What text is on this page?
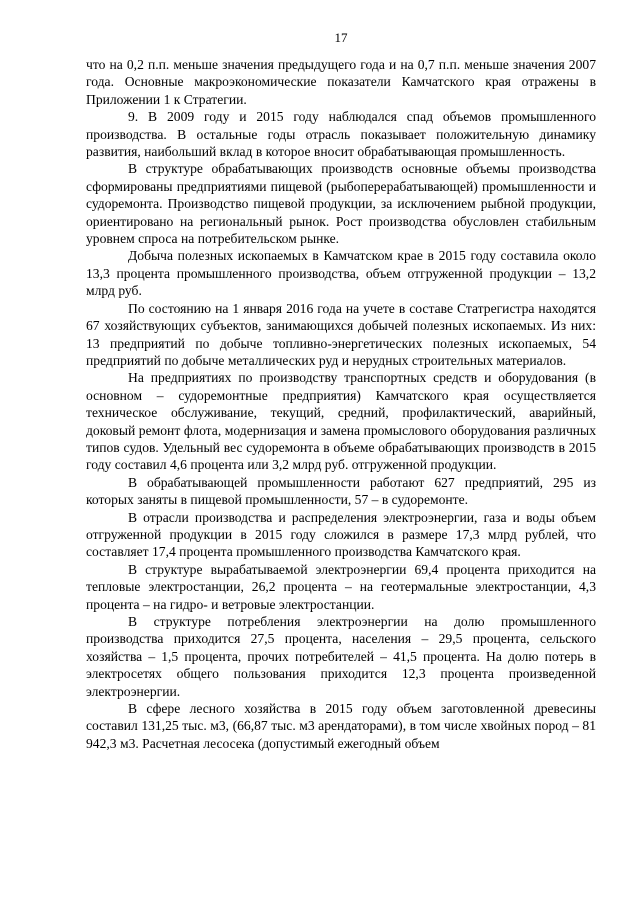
17

что на 0,2 п.п. меньше значения предыдущего года и на 0,7 п.п. меньше значения 2007 года. Основные макроэкономические показатели Камчатского края отражены в Приложении 1 к Стратегии.

9. В 2009 году и 2015 году наблюдался спад объемов промышленного производства. В остальные годы отрасль показывает положительную динамику развития, наибольший вклад в которое вносит обрабатывающая промышленность.

В структуре обрабатывающих производств основные объемы производства сформированы предприятиями пищевой (рыбоперерабатывающей) промышленности и судоремонта. Производство пищевой продукции, за исключением рыбной продукции, ориентировано на региональный рынок. Рост производства обусловлен стабильным уровнем спроса на потребительском рынке.

Добыча полезных ископаемых в Камчатском крае в 2015 году составила около 13,3 процента промышленного производства, объем отгруженной продукции – 13,2 млрд руб.

По состоянию на 1 января 2016 года на учете в составе Статрегистра находятся 67 хозяйствующих субъектов, занимающихся добычей полезных ископаемых. Из них: 13 предприятий по добыче топливно-энергетических полезных ископаемых, 54 предприятий по добыче металлических руд и нерудных строительных материалов.

На предприятиях по производству транспортных средств и оборудования (в основном – судоремонтные предприятия) Камчатского края осуществляется техническое обслуживание, текущий, средний, профилактический, аварийный, доковый ремонт флота, модернизация и замена промыслового оборудования различных типов судов. Удельный вес судоремонта в объеме обрабатывающих производств в 2015 году составил 4,6 процента или 3,2 млрд руб. отгруженной продукции.

В обрабатывающей промышленности работают 627 предприятий, 295 из которых заняты в пищевой промышленности, 57 – в судоремонте.

В отрасли производства и распределения электроэнергии, газа и воды объем отгруженной продукции в 2015 году сложился в размере 17,3 млрд рублей, что составляет 17,4 процента промышленного производства Камчатского края.

В структуре вырабатываемой электроэнергии 69,4 процента приходится на тепловые электростанции, 26,2 процента – на геотермальные электростанции, 4,3 процента – на гидро- и ветровые электростанции.

В структуре потребления электроэнергии на долю промышленного производства приходится 27,5 процента, населения – 29,5 процента, сельского хозяйства – 1,5 процента, прочих потребителей – 41,5 процента. На долю потерь в электросетях общего пользования приходится 12,3 процента произведенной электроэнергии.

В сфере лесного хозяйства в 2015 году объем заготовленной древесины составил 131,25 тыс. м3, (66,87 тыс. м3 арендаторами), в том числе хвойных пород – 81 942,3 м3. Расчетная лесосека (допустимый ежегодный объем
